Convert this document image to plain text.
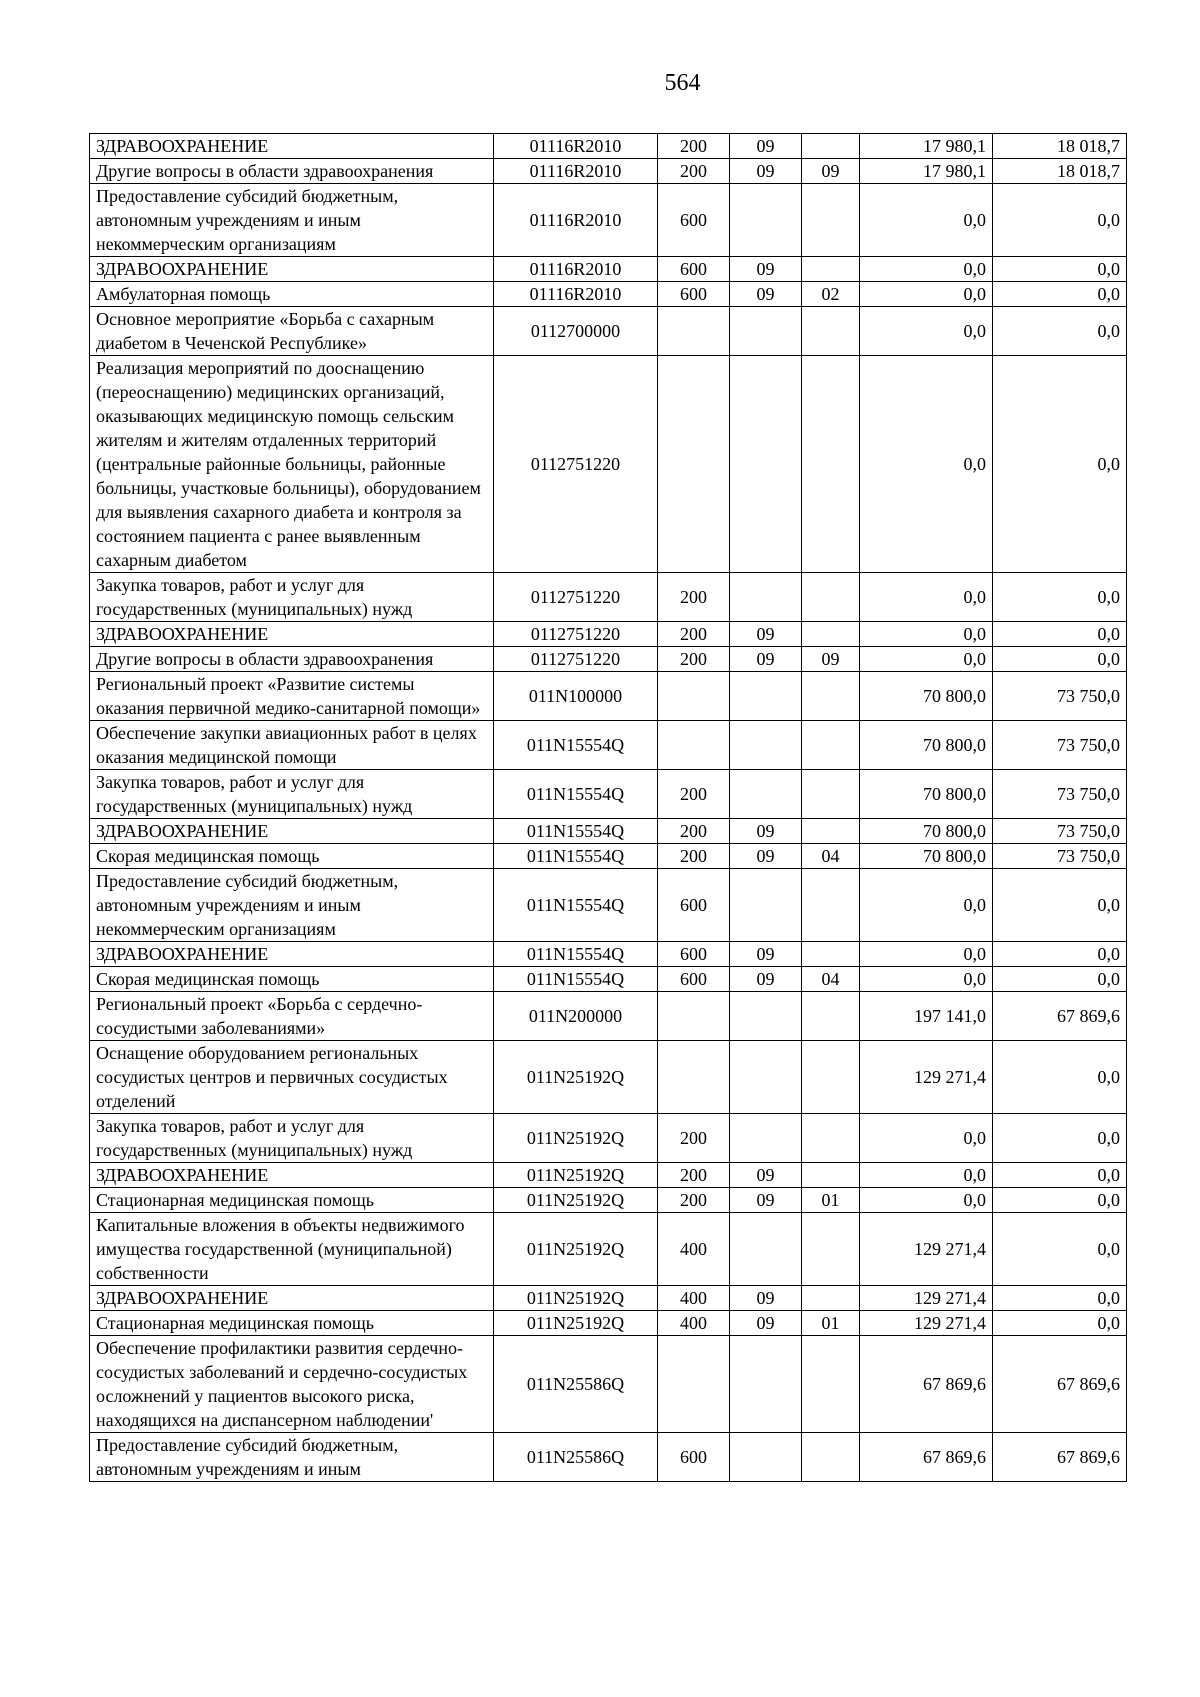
564
ЗДРАВООХРАНЕНИЕ	01116R2010	200	09		17 980,1	18 018,7
Другие вопросы в области здравоохранения	01116R2010	200	09	09	17 980,1	18 018,7
Предоставление субсидий бюджетным, автономным учреждениям и иным некоммерческим организациям	01116R2010	600			0,0	0,0
ЗДРАВООХРАНЕНИЕ	01116R2010	600	09		0,0	0,0
Амбулаторная помощь	01116R2010	600	09	02	0,0	0,0
Основное мероприятие «Борьба с сахарным диабетом в Чеченской Республике»	0112700000				0,0	0,0
Реализация мероприятий по дооснащению (переоснащению) медицинских организаций, оказывающих медицинскую помощь сельским жителям и жителям отдаленных территорий (центральные районные больницы, районные больницы, участковые больницы), оборудованием для выявления сахарного диабета и контроля за состоянием пациента с ранее выявленным сахарным диабетом	0112751220				0,0	0,0
Закупка товаров, работ и услуг для государственных (муниципальных) нужд	0112751220	200			0,0	0,0
ЗДРАВООХРАНЕНИЕ	0112751220	200	09		0,0	0,0
Другие вопросы в области здравоохранения	0112751220	200	09	09	0,0	0,0
Региональный проект «Развитие системы оказания первичной медико-санитарной помощи»	011N100000				70 800,0	73 750,0
Обеспечение закупки авиационных работ в целях оказания медицинской помощи	011N15554Q				70 800,0	73 750,0
Закупка товаров, работ и услуг для государственных (муниципальных) нужд	011N15554Q	200			70 800,0	73 750,0
ЗДРАВООХРАНЕНИЕ	011N15554Q	200	09		70 800,0	73 750,0
Скорая медицинская помощь	011N15554Q	200	09	04	70 800,0	73 750,0
Предоставление субсидий бюджетным, автономным учреждениям и иным некоммерческим организациям	011N15554Q	600			0,0	0,0
ЗДРАВООХРАНЕНИЕ	011N15554Q	600	09		0,0	0,0
Скорая медицинская помощь	011N15554Q	600	09	04	0,0	0,0
Региональный проект «Борьба с сердечно-сосудистыми заболеваниями»	011N200000				197 141,0	67 869,6
Оснащение оборудованием региональных сосудистых центров и первичных сосудистых отделений	011N25192Q				129 271,4	0,0
Закупка товаров, работ и услуг для государственных (муниципальных) нужд	011N25192Q	200			0,0	0,0
ЗДРАВООХРАНЕНИЕ	011N25192Q	200	09		0,0	0,0
Стационарная медицинская помощь	011N25192Q	200	09	01	0,0	0,0
Капитальные вложения в объекты недвижимого имущества государственной (муниципальной) собственности	011N25192Q	400			129 271,4	0,0
ЗДРАВООХРАНЕНИЕ	011N25192Q	400	09		129 271,4	0,0
Стационарная медицинская помощь	011N25192Q	400	09	01	129 271,4	0,0
Обеспечение профилактики развития сердечно-сосудистых заболеваний и сердечно-сосудистых осложнений у пациентов высокого риска, находящихся на диспансерном наблюдении'	011N25586Q				67 869,6	67 869,6
Предоставление субсидий бюджетным, автономным учреждениям и иным	011N25586Q	600			67 869,6	67 869,6
